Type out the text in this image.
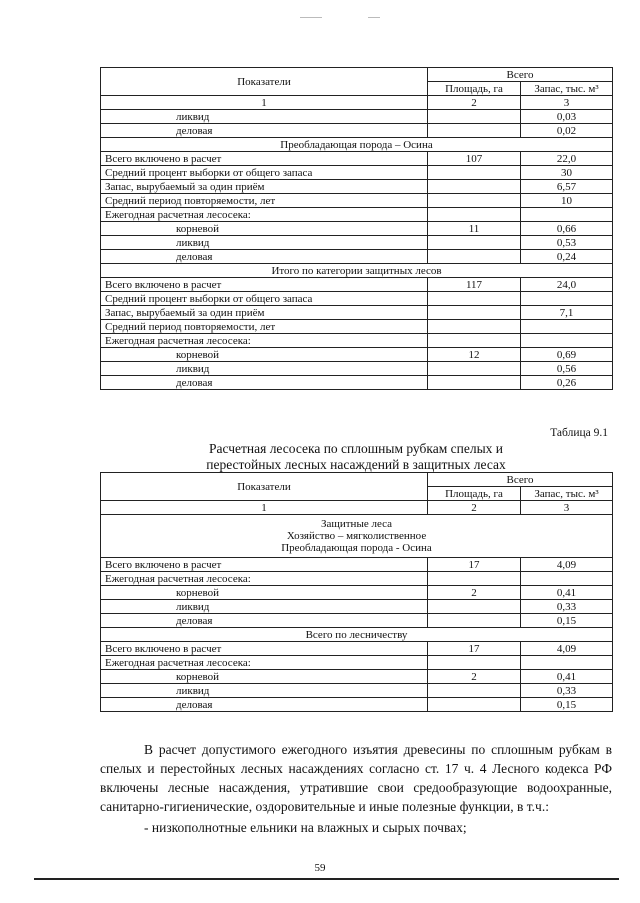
Показатели	Всего	
	Площадь, га	Запас, тыс. м³
1	2	3
ликвид		0,03
деловая		0,02
Преобладающая порода – Осина		
Всего включено в расчет	107	22,0
Средний процент выборки от общего запаса		30
Запас, вырубаемый за один приём		6,57
Средний период повторяемости, лет		10
Ежегодная расчетная лесосека:		
корневой	11	0,66
ликвид		0,53
деловая		0,24
Итого по категории защитных лесов		
Всего включено в расчет	117	24,0
Средний процент выборки от общего запаса		
Запас, вырубаемый за один приём		7,1
Средний период повторяемости, лет		
Ежегодная расчетная лесосека:		
корневой	12	0,69
ликвид		0,56
деловая		0,26
Таблица 9.1
Расчетная лесосека по сплошным рубкам спелых и
перестойных лесных насаждений в защитных лесах
Показатели	Всего	
	Площадь, га	Запас, тыс. м³
1	2	3

Защитные леса
Хозяйство – мягколиственное
Преобладающая порода - Осина		

Всего включено в расчет	17	4,09
Ежегодная расчетная лесосека:		
корневой	2	0,41
ликвид		0,33
деловая		0,15
Всего по лесничеству		
Всего включено в расчет	17	4,09
Ежегодная расчетная лесосека:		
корневой	2	0,41
ликвид		0,33
деловая		0,15

В расчет допустимого ежегодного изъятия древесины по сплошным рубкам в спелых и перестойных лесных насаждениях согласно ст. 17 ч. 4 Лесного кодекса РФ включены лесные насаждения, утратившие свои средообразующие водоохранные, санитарно-гигиенические, оздоровительные и иные полезные функции, в т.ч.:

- низкополнотные ельники на влажных и сырых почвах;
59
